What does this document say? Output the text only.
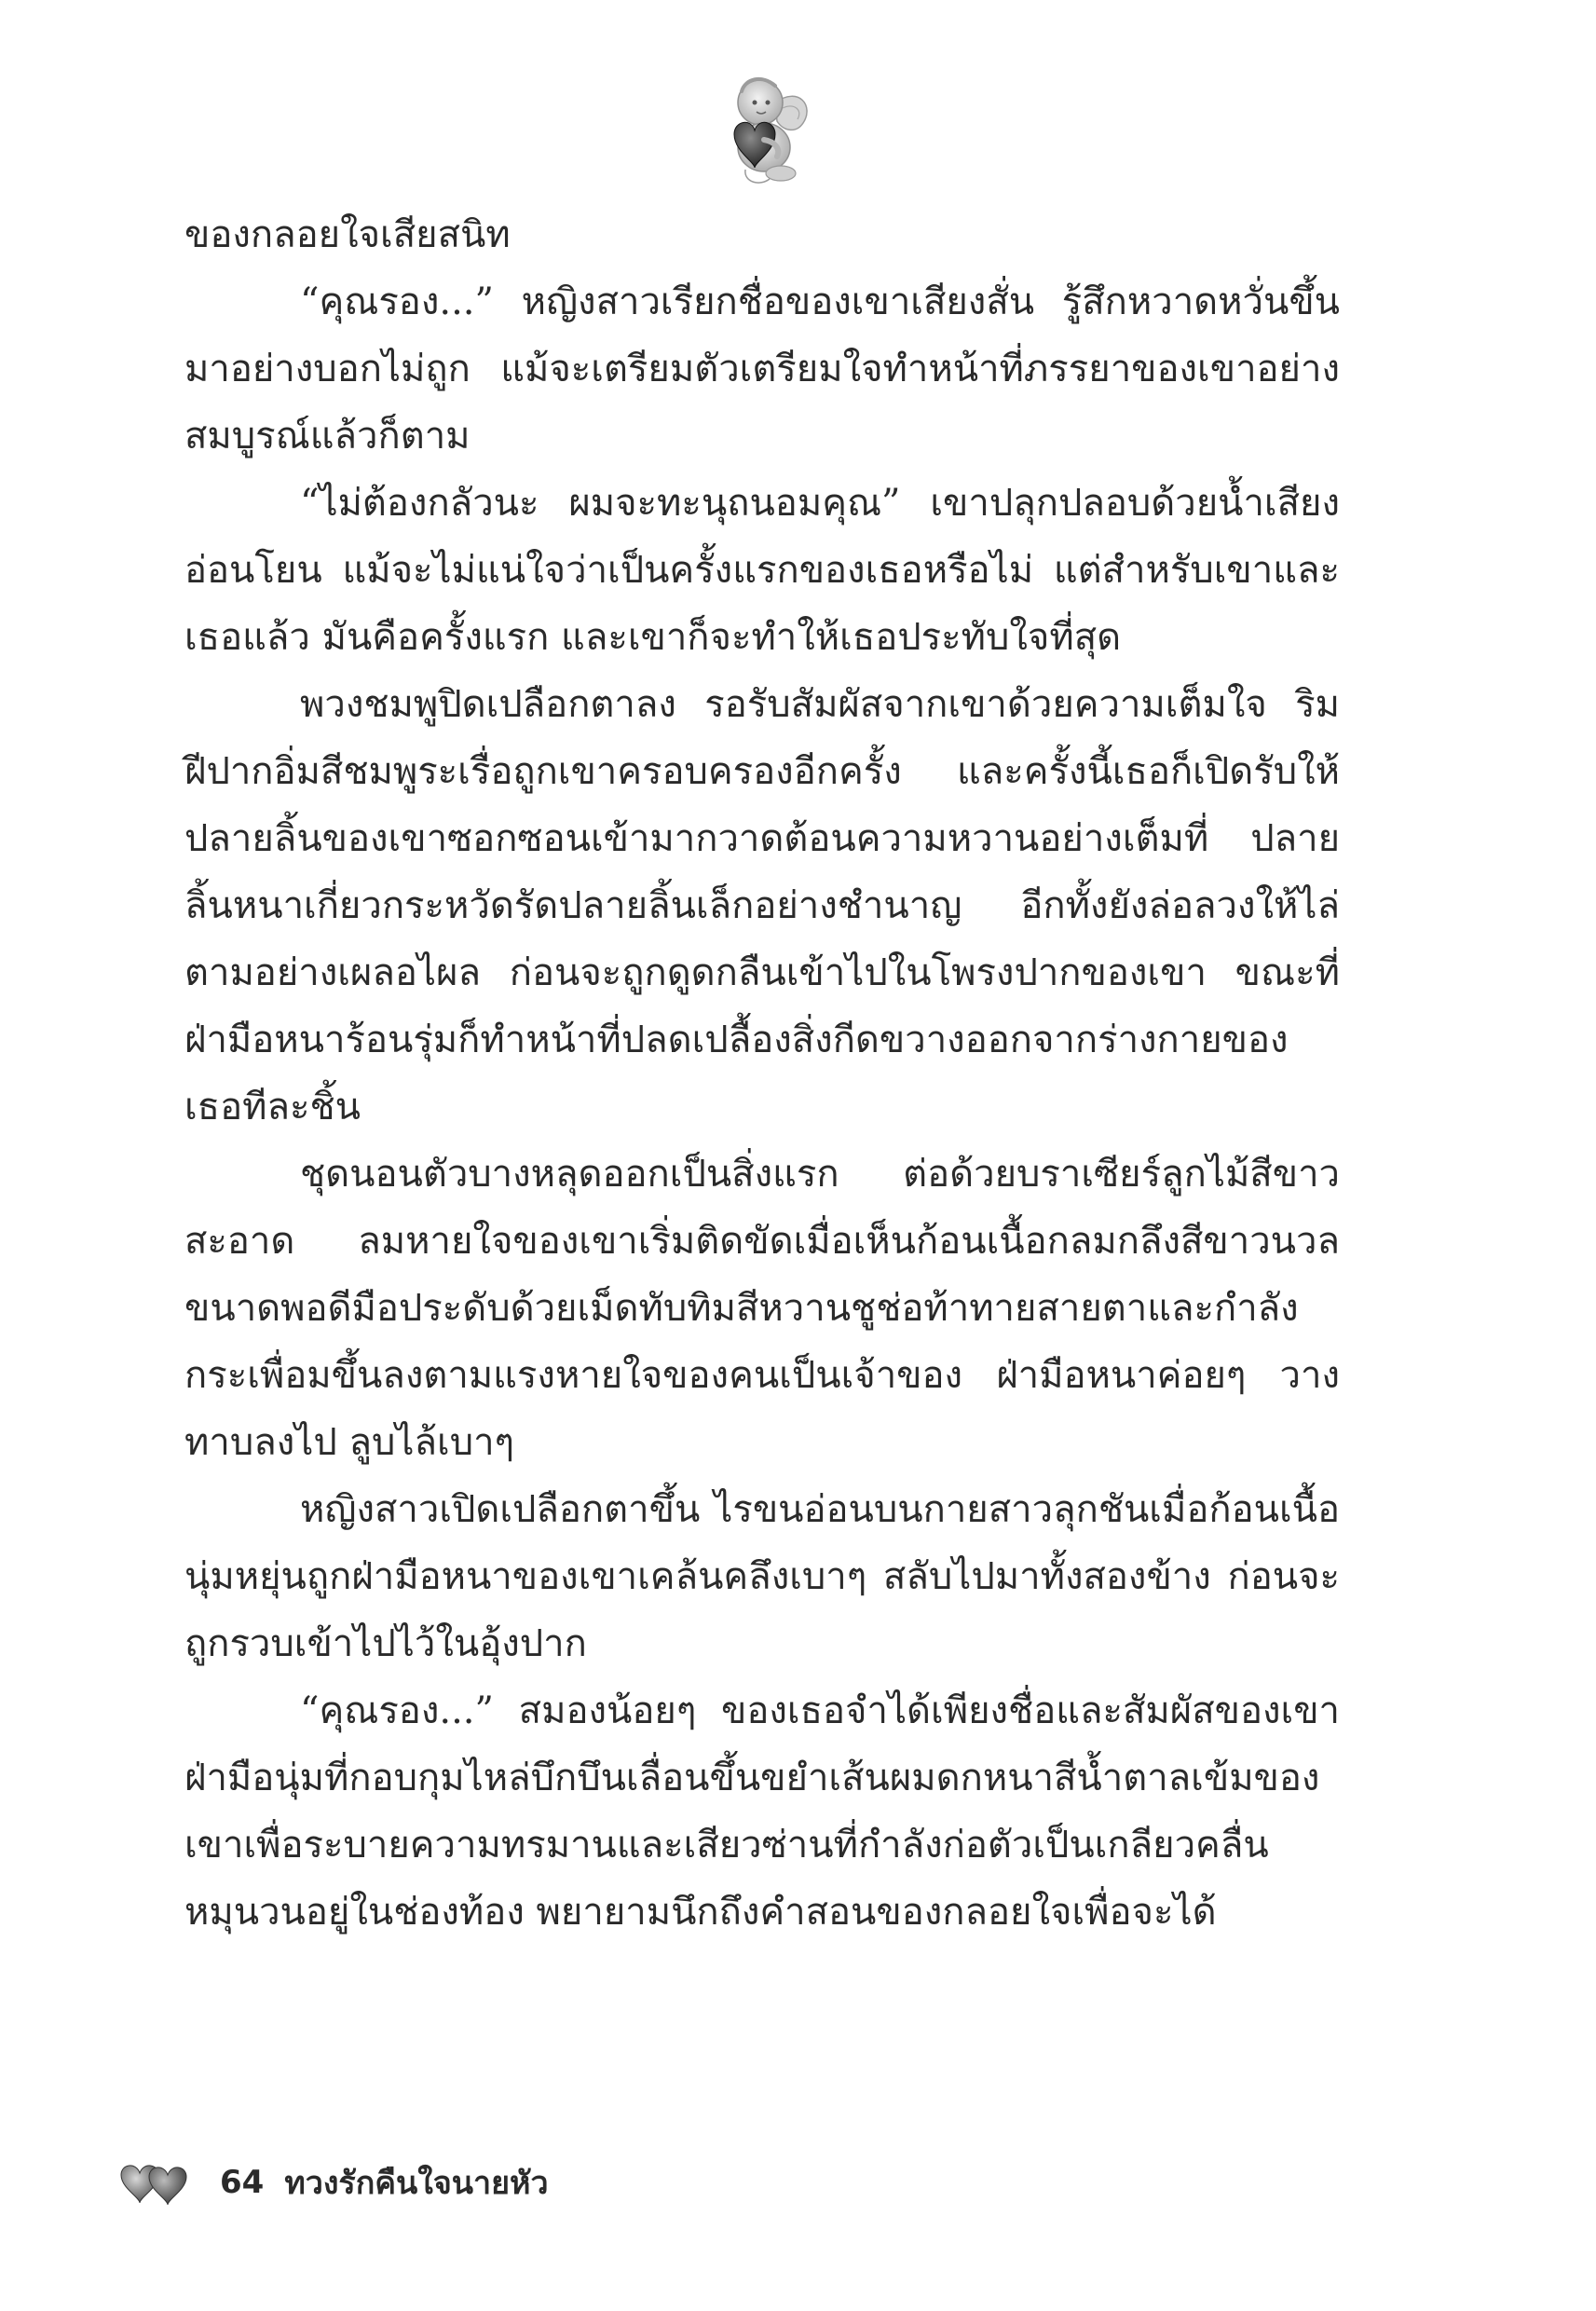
ของกลอยใจเสียสนิท

“คุณรอง...” หญิงสาวเรียกชื่อของเขาเสียงสั่น รู้สึกหวาดหวั่นขึ้นมาอย่างบอกไม่ถูก แม้จะเตรียมตัวเตรียมใจทำหน้าที่ภรรยาของเขาอย่างสมบูรณ์แล้วก็ตาม

“ไม่ต้องกลัวนะ ผมจะทะนุถนอมคุณ” เขาปลุกปลอบด้วยน้ำเสียงอ่อนโยน แม้จะไม่แน่ใจว่าเป็นครั้งแรกของเธอหรือไม่ แต่สำหรับเขาและเธอแล้ว มันคือครั้งแรก และเขาก็จะทำให้เธอประทับใจที่สุด

พวงชมพูปิดเปลือกตาลง รอรับสัมผัสจากเขาด้วยความเต็มใจ ริมฝีปากอิ่มสีชมพูระเรื่อถูกเขาครอบครองอีกครั้ง และครั้งนี้เธอก็เปิดรับให้ปลายลิ้นของเขาซอกซอนเข้ามากวาดต้อนความหวานอย่างเต็มที่ ปลายลิ้นหนาเกี่ยวกระหวัดรัดปลายลิ้นเล็กอย่างชำนาญ อีกทั้งยังล่อลวงให้ไล่ตามอย่างเผลอไผล ก่อนจะถูกดูดกลืนเข้าไปในโพรงปากของเขา ขณะที่ฝ่ามือหนาร้อนรุ่มก็ทำหน้าที่ปลดเปลื้องสิ่งกีดขวางออกจากร่างกายของเธอทีละชิ้น

ชุดนอนตัวบางหลุดออกเป็นสิ่งแรก ต่อด้วยบราเซียร์ลูกไม้สีขาวสะอาด ลมหายใจของเขาเริ่มติดขัดเมื่อเห็นก้อนเนื้อกลมกลึงสีขาวนวล ขนาดพอดีมือประดับด้วยเม็ดทับทิมสีหวานชูช่อท้าทายสายตาและกำลังกระเพื่อมขึ้นลงตามแรงหายใจของคนเป็นเจ้าของ ฝ่ามือหนาค่อยๆ วางทาบลงไป ลูบไล้เบาๆ

หญิงสาวเปิดเปลือกตาขึ้น ไรขนอ่อนบนกายสาวลุกชันเมื่อก้อนเนื้อนุ่มหยุ่นถูกฝ่ามือหนาของเขาเคล้นคลึงเบาๆ สลับไปมาทั้งสองข้าง ก่อนจะถูกรวบเข้าไปไว้ในอุ้งปาก

“คุณรอง...” สมองน้อยๆ ของเธอจำได้เพียงชื่อและสัมผัสของเขา ฝ่ามือนุ่มที่กอบกุมไหล่บึกบึนเลื่อนขึ้นขยำเส้นผมดกหนาสีน้ำตาลเข้มของเขาเพื่อระบายความทรมานและเสียวซ่านที่กำลังก่อตัวเป็นเกลียวคลื่นหมุนวนอยู่ในช่องท้อง พยายามนึกถึงคำสอนของกลอยใจเพื่อจะได้

64 ทวงรักคืนใจนายหัว
